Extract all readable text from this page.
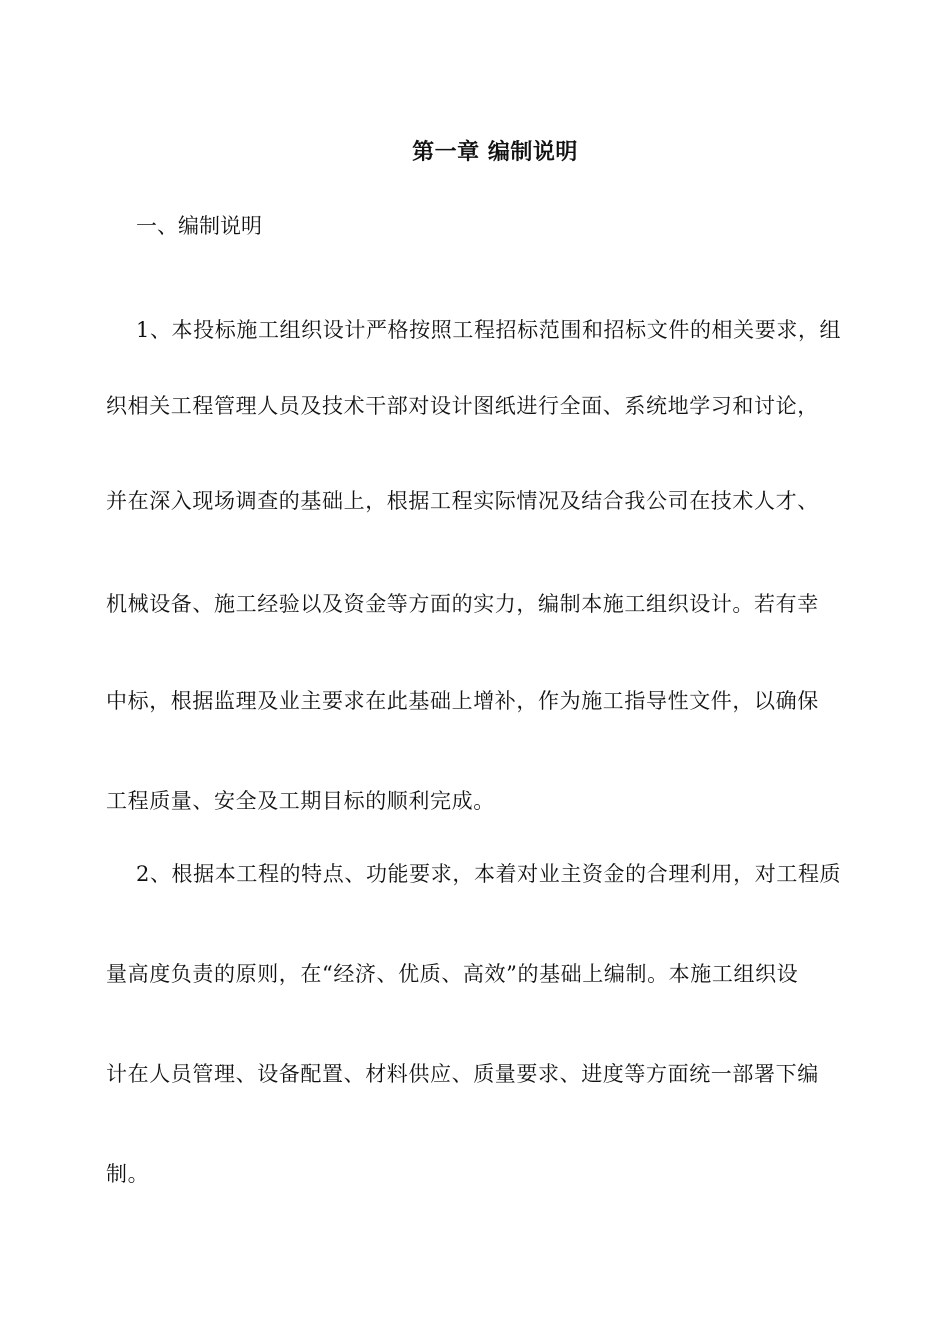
第一章 编制说明
一、编制说明
1、本投标施工组织设计严格按照工程招标范围和招标文件的相关要求，组
织相关工程管理人员及技术干部对设计图纸进行全面、系统地学习和讨论，
并在深入现场调查的基础上，根据工程实际情况及结合我公司在技术人才、
机械设备、施工经验以及资金等方面的实力，编制本施工组织设计。若有幸
中标，根据监理及业主要求在此基础上增补，作为施工指导性文件，以确保
工程质量、安全及工期目标的顺利完成。
2、根据本工程的特点、功能要求，本着对业主资金的合理利用，对工程质
量高度负责的原则，在“经济、优质、高效”的基础上编制。本施工组织设
计在人员管理、设备配置、材料供应、质量要求、进度等方面统一部署下编
制。
